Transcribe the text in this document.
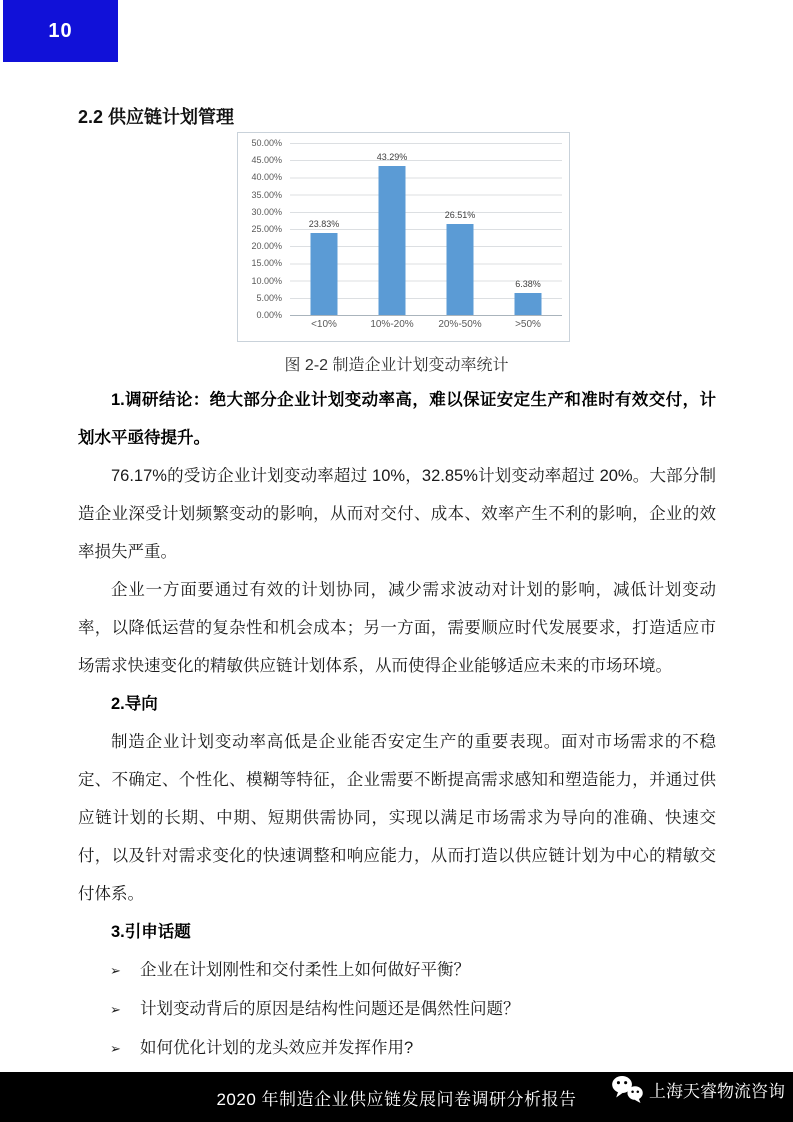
10
2.2 供应链计划管理
50.00%
45.00%
40.00%
35.00%
30.00%
25.00%
20.00%
15.00%
10.00%
5.00%
0.00%
23.83%
43.29%
26.51%
6.38%
<10%	10%-20%	20%-50%	>50%
图 2-2 制造企业计划变动率统计

1.调研结论：绝大部分企业计划变动率高，难以保证安定生产和准时有效交付，计划水平亟待提升。

76.17%的受访企业计划变动率超过 10%，32.85%计划变动率超过 20%。大部分制造企业深受计划频繁变动的影响，从而对交付、成本、效率产生不利的影响，企业的效率损失严重。

企业一方面要通过有效的计划协同，减少需求波动对计划的影响，减低计划变动率，以降低运营的复杂性和机会成本；另一方面，需要顺应时代发展要求，打造适应市场需求快速变化的精敏供应链计划体系，从而使得企业能够适应未来的市场环境。

2.导向

制造企业计划变动率高低是企业能否安定生产的重要表现。面对市场需求的不稳定、不确定、个性化、模糊等特征，企业需要不断提高需求感知和塑造能力，并通过供应链计划的长期、中期、短期供需协同，实现以满足市场需求为导向的准确、快速交付，以及针对需求变化的快速调整和响应能力，从而打造以供应链计划为中心的精敏交付体系。

3.引申话题

➢	企业在计划刚性和交付柔性上如何做好平衡？
➢	计划变动背后的原因是结构性问题还是偶然性问题？
➢	如何优化计划的龙头效应并发挥作用?
2020 年制造企业供应链发展问卷调研分析报告	上海天睿物流咨询
